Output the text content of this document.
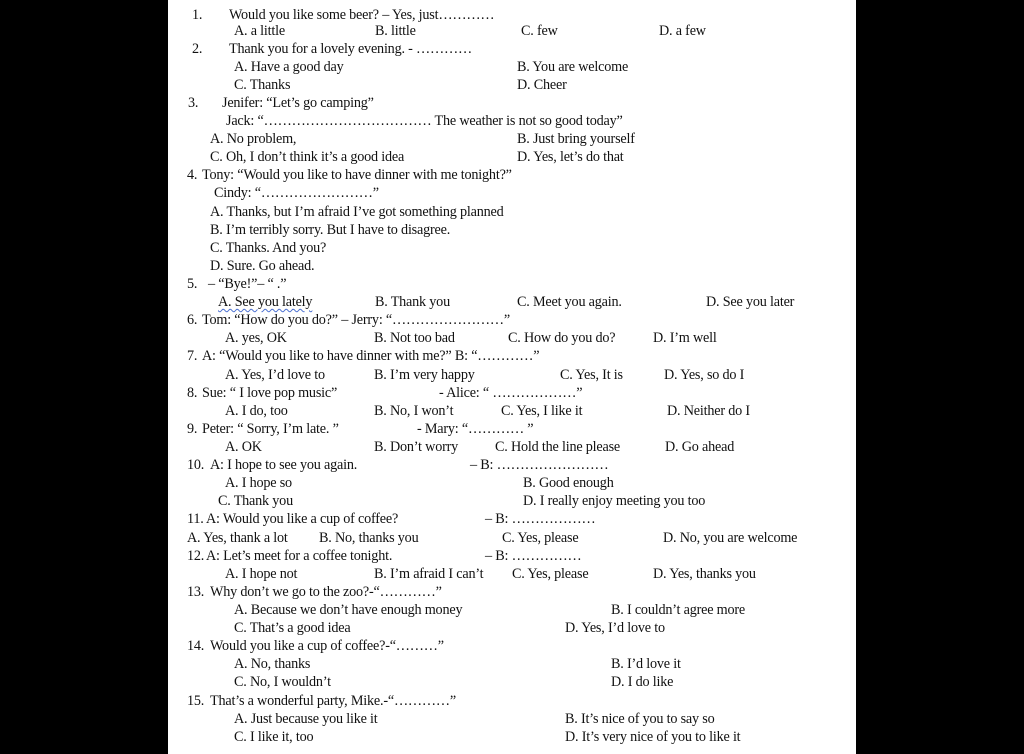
1. Would you like some beer? – Yes, just…………
A. a little	B. little	C. few	D. a few
2. Thank you for a lovely evening. - …………
A. Have a good day	B. You are welcome
C. Thanks	D. Cheer
3. Jenifer: “Let’s go camping”
Jack: “……………………………… The weather is not so good today”
A. No problem,	B. Just bring yourself
C. Oh, I don’t think it’s a good idea	D. Yes, let’s do that
4. Tony: “Would you like to have dinner with me tonight?”
Cindy: “……………………”
A. Thanks, but I’m afraid I’ve got something planned
B. I’m terribly sorry. But I have to disagree.
C. Thanks. And you?
D. Sure. Go ahead.
5. – “Bye!”– “ .”
A. See you lately	B. Thank you	C. Meet you again.	D. See you later
6. Tom: “How do you do?” – Jerry: “……………………”
A. yes, OK	B. Not too bad	C. How do you do?	D. I’m well
7. A: “Would you like to have dinner with me?” B: “…………”
A. Yes, I’d love to	B. I’m very happy	C. Yes, It is	D. Yes, so do I
8. Sue: “ I love pop music”	- Alice: “ ………………”
A. I do, too	B. No, I won’t	C. Yes, I like it	D. Neither do I
9. Peter: “ Sorry, I’m late. ”	- Mary: “………… ”
A. OK	B. Don’t worry	C. Hold the line please	D. Go ahead
10. A: I hope to see you again.	– B: ……………………
A. I hope so	B. Good enough
C. Thank you	D. I really enjoy meeting you too
11. A: Would you like a cup of coffee?	– B: ………………
A. Yes, thank a lot B. No, thanks you	C. Yes, please	D. No, you are welcome
12. A: Let’s meet for a coffee tonight.	– B: ……………
A. I hope not	B. I’m afraid I can’t C. Yes, please	D. Yes, thanks you
13. Why don’t we go to the zoo?-“…………”
A. Because we don’t have enough money	B. I couldn’t agree more
C. That’s a good idea	D. Yes, I’d love to
14. Would you like a cup of coffee?-“………”
A. No, thanks	B. I’d love it
C. No, I wouldn’t	D. I do like
15. That’s a wonderful party, Mike.-“…………”
A. Just because you like it	B. It’s nice of you to say so
C. I like it, too	D. It’s very nice of you to like it
